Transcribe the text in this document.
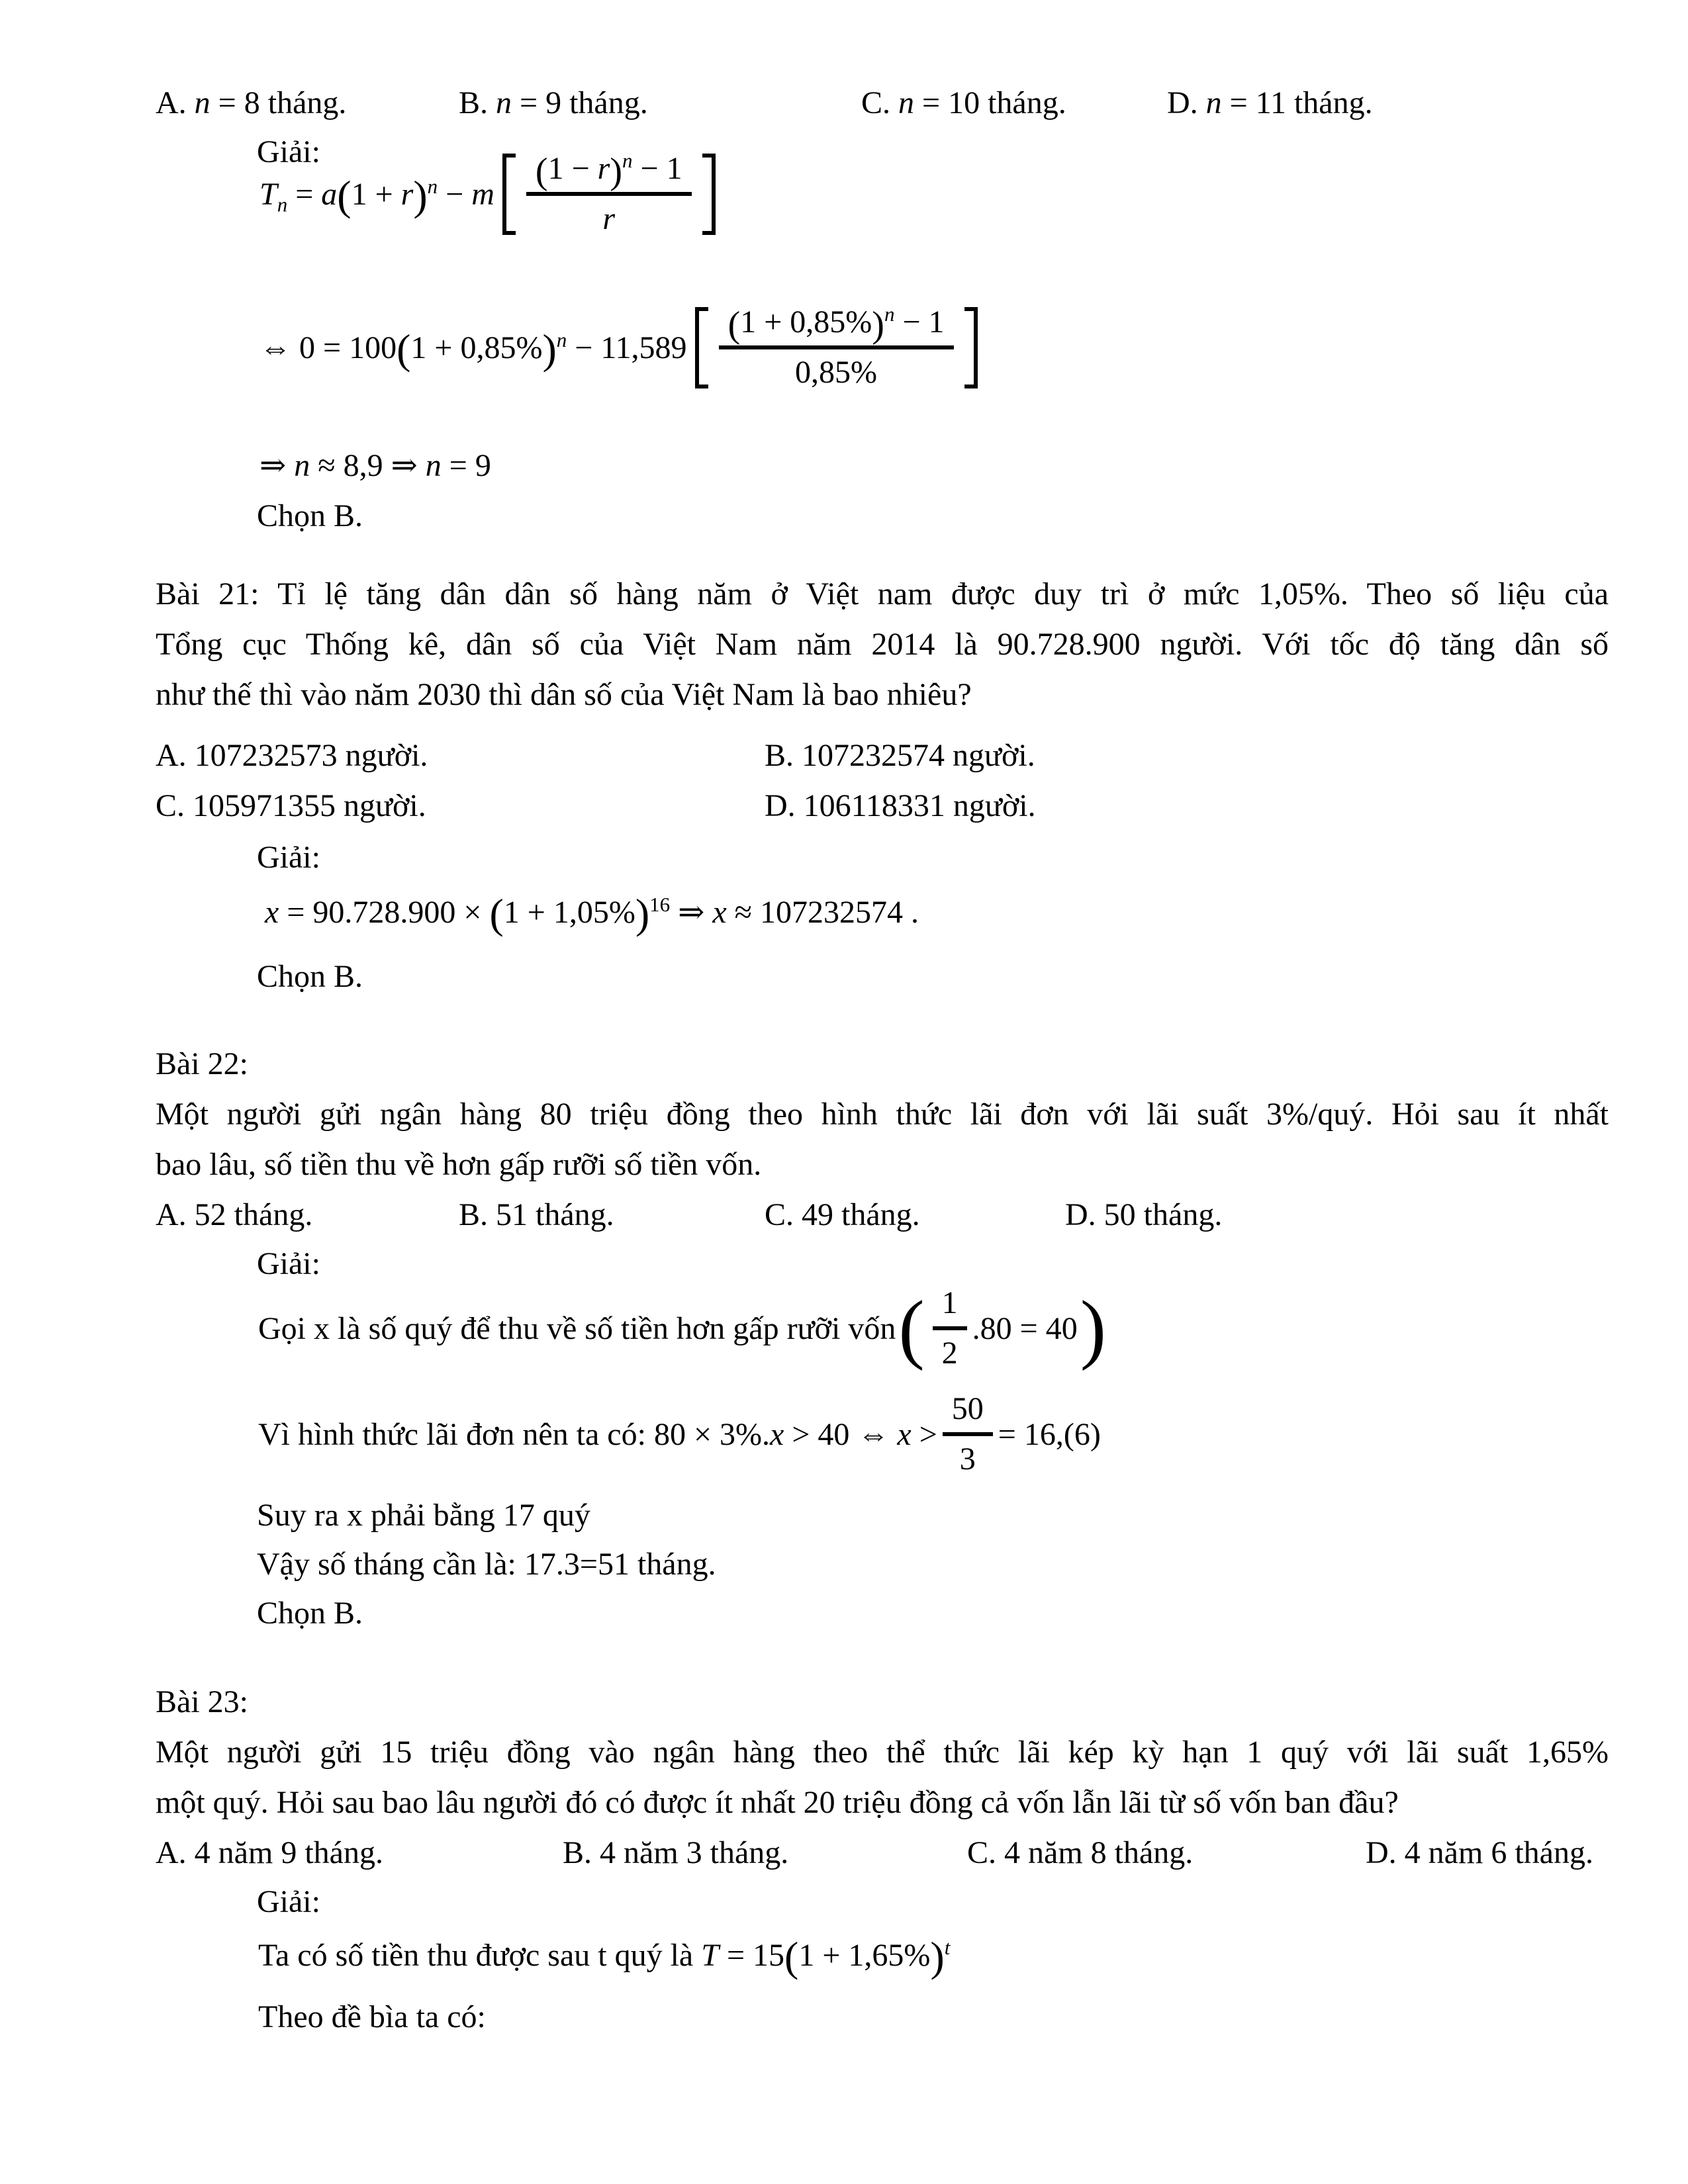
A. n = 8 tháng.	B. n = 9 tháng.	C. n = 10 tháng.	D. n = 11 tháng.
Giải:
$T_n = a(1 + r)^n - m \frac{(1 - r)^n - 1}{r}$
⇔ $0 = 100(1 + 0,85\%)^n - 11,589 \frac{(1 + 0,85\%)^n - 1}{0,85\%}$
⇒ n ≈ 8,9 ⇒ n = 9
Chọn B.
Bài 21: Tỉ lệ tăng dân dân số hàng năm ở Việt nam được duy trì ở mức 1,05%. Theo số liệu của
Tổng cục Thống kê, dân số của Việt Nam năm 2014 là 90.728.900 người. Với tốc độ tăng dân số
như thế thì vào năm 2030 thì dân số của Việt Nam là bao nhiêu?
A. 107232573 người.	B. 107232574 người.
C. 105971355 người.	D. 106118331 người.
Giải:
$x = 90.728.900 \times (1 + 1,05\%)^{16}$ ⇒ x ≈ 107232574 .
Chọn B.
Bài 22:
Một người gửi ngân hàng 80 triệu đồng theo hình thức lãi đơn với lãi suất 3%/quý. Hỏi sau ít nhất
bao lâu, số tiền thu về hơn gấp rưỡi số tiền vốn.
A. 52 tháng.	B. 51 tháng.	C. 49 tháng.	D. 50 tháng.
Giải:
Gọi x là số quý để thu về số tiền hơn gấp rưỡi vốn ( $\frac{1}{2} .80 = 40$ )
Vì hình thức lãi đơn nên ta có: 80 × 3%.x > 40 ⇔ $x > \frac{50}{3} = 16,(6)$
Suy ra x phải bằng 17 quý
Vậy số tháng cần là: 17.3=51 tháng.
Chọn B.
Bài 23:
Một người gửi 15 triệu đồng vào ngân hàng theo thể thức lãi kép kỳ hạn 1 quý với lãi suất 1,65%
một quý. Hỏi sau bao lâu người đó có được ít nhất 20 triệu đồng cả vốn lẫn lãi từ số vốn ban đầu?
A. 4 năm 9 tháng.	B. 4 năm 3 tháng.	C. 4 năm 8 tháng.	D. 4 năm 6 tháng.
Giải:
Ta có số tiền thu được sau t quý là $T = 15(1 + 1,65\%)^t$
Theo đề bìa ta có:
